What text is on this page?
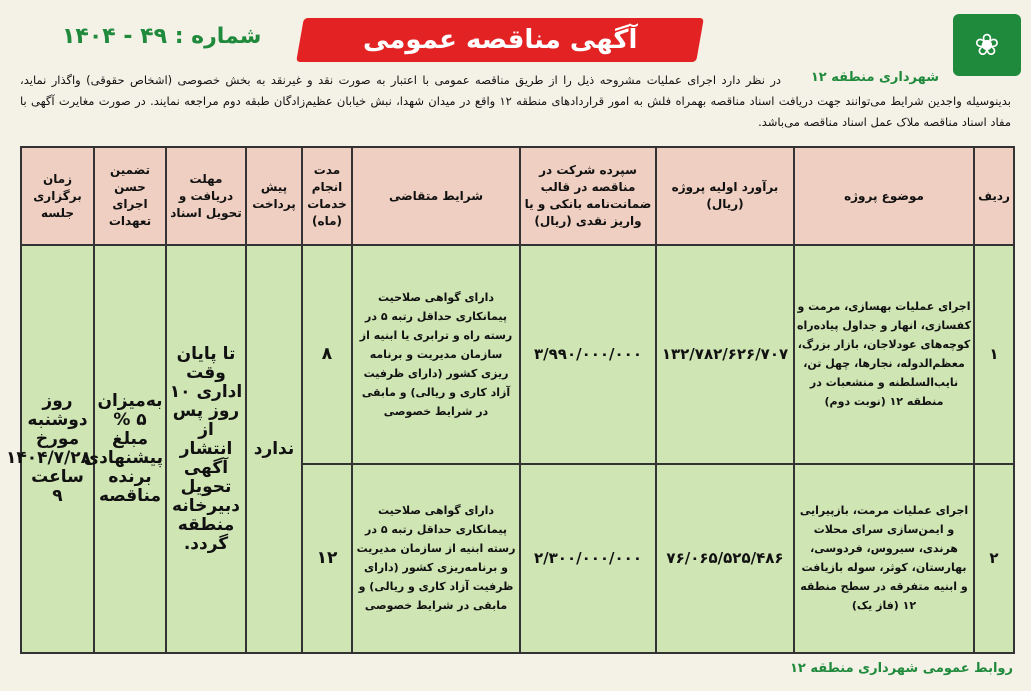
❀
شهرداری منطقه ۱۲
آگهی مناقصه عمومی
شماره : ۴۹ - ۱۴۰۴
در نظر دارد اجرای عملیات مشروحه ذیل را از طریق مناقصه عمومی با اعتبار به صورت نقد و غیرنقد به بخش خصوصی (اشخاص حقوقی) واگذار نماید، بدینوسیله واجدین شرایط می‌توانند جهت دریافت اسناد مناقصه بهمراه فلش به امور قراردادهای منطقه ۱۲ واقع در میدان شهدا، نبش خیابان عظیم‌زادگان طبقه دوم مراجعه نمایند. در صورت مغایرت آگهی با مفاد اسناد مناقصه ملاک عمل اسناد مناقصه می‌باشد.
ردیف	موضوع پروژه	برآورد اولیه پروژه (ریال)	سپرده شرکت در مناقصه در قالب ضمانت‌نامه بانکی و یا واریز نقدی (ریال)	شرایط متقاضی	مدت انجام خدمات (ماه)	پیش پرداخت	مهلت دریافت و تحویل اسناد	تضمین حسن اجرای تعهدات	زمان برگزاری جلسه
۱	اجرای عملیات بهسازی، مرمت و کفسازی، انهار و جداول پیاده‌راه کوچه‌های عودلاجان، بازار بزرگ، معظم‌الدوله، نجارها، چهل تن، نایب‌السلطنه و منشعبات در منطقه ۱۲ (نوبت دوم)	۱۳۲/۷۸۲/۶۲۶/۷۰۷	۳/۹۹۰/۰۰۰/۰۰۰	دارای گواهی صلاحیت پیمانکاری حداقل رتبه ۵ در رسته راه و ترابری یا ابنیه از سازمان مدیریت و برنامه ریزی کشور (دارای ظرفیت آزاد کاری و ریالی) و مابقی در شرایط خصوصی	۸	ندارد	تا پایان وقت اداری ۱۰ روز پس از انتشار آگهی تحویل دبیرخانه منطقه گردد.	به‌میزان ۵ % مبلغ پیشنهادی برنده مناقصه	روز دوشنبه مورخ ۱۴۰۴/۷/۲۸ ساعت ۹
۲	اجرای عملیات مرمت، بازپیرایی و ایمن‌سازی سرای محلات هرندی، سیروس، فردوسی، بهارستان، کوثر، سوله بازیافت و ابنیه متفرقه در سطح منطقه ۱۲ (فاز یک)	۷۶/۰۶۵/۵۲۵/۴۸۶	۲/۳۰۰/۰۰۰/۰۰۰	دارای گواهی صلاحیت پیمانکاری حداقل رتبه ۵ در رسته ابنیه از سازمان مدیریت و برنامه‌ریزی کشور (دارای ظرفیت آزاد کاری و ریالی) و مابقی در شرایط خصوصی	۱۲				
روابط عمومی شهرداری منطقه ۱۲
